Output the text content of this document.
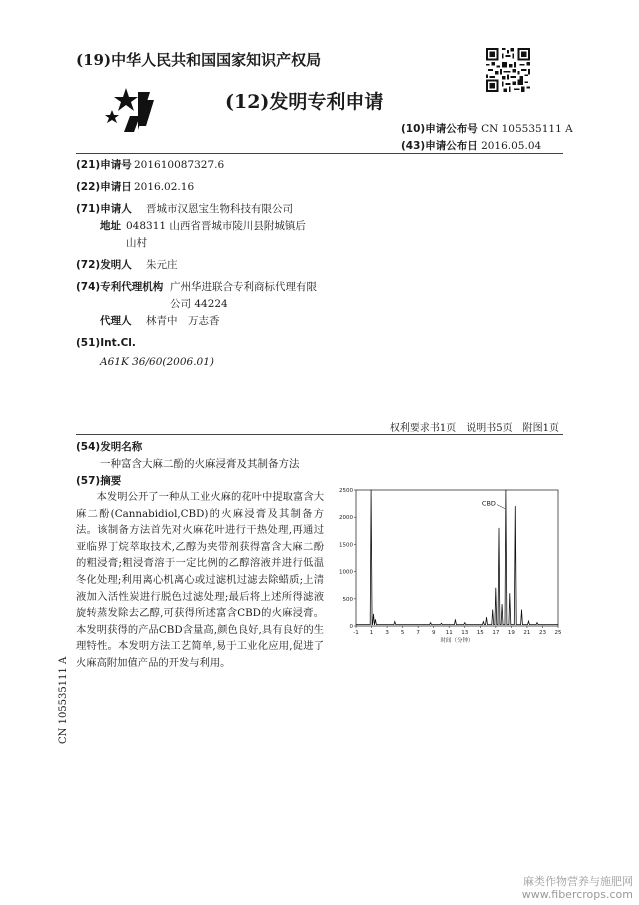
(19)中华人民共和国国家知识产权局
(12)发明专利申请
(10)申请公布号 CN 105535111 A
(43)申请公布日 2016.05.04
(21)申请号 201610087327.6
(22)申请日 2016.02.16
(71)申请人	晋城市汉恩宝生物科技有限公司
地址 048311 山西省晋城市陵川县附城镇后山村
(72)发明人	朱元庄
(74)专利代理机构 广州华进联合专利商标代理有限公司 44224
代理人	林青中　万志香
(51)Int.Cl.
A61K 36/60(2006.01)
权利要求书1页　说明书5页　附图1页
(54)发明名称
一种富含大麻二酚的火麻浸膏及其制备方法
(57)摘要

本发明公开了一种从工业火麻的花叶中提取富含大麻二酚(Cannabidiol,CBD)的火麻浸膏及其制备方法。该制备方法首先对火麻花叶进行干热处理,再通过亚临界丁烷萃取技术,乙醇为夹带剂获得富含大麻二酚的粗浸膏;粗浸膏溶于一定比例的乙醇溶液并进行低温冬化处理;利用离心机离心或过滤机过滤去除蜡质;上清液加入活性炭进行脱色过滤处理;最后将上述所得滤液旋转蒸发除去乙醇,可获得所述富含CBD的火麻浸膏。本发明获得的产品CBD含量高,颜色良好,具有良好的生理特性。本发明方法工艺简单,易于工业化应用,促进了火麻高附加值产品的开发与利用。

0
500
1000
1500
2000
2500
-1 1 3 5 7 9 11 13 15 17 19 21 23 25
CBD
时间（分钟）
CN 105535111 A
麻类作物营养与施肥网
www.fibercrops.com
